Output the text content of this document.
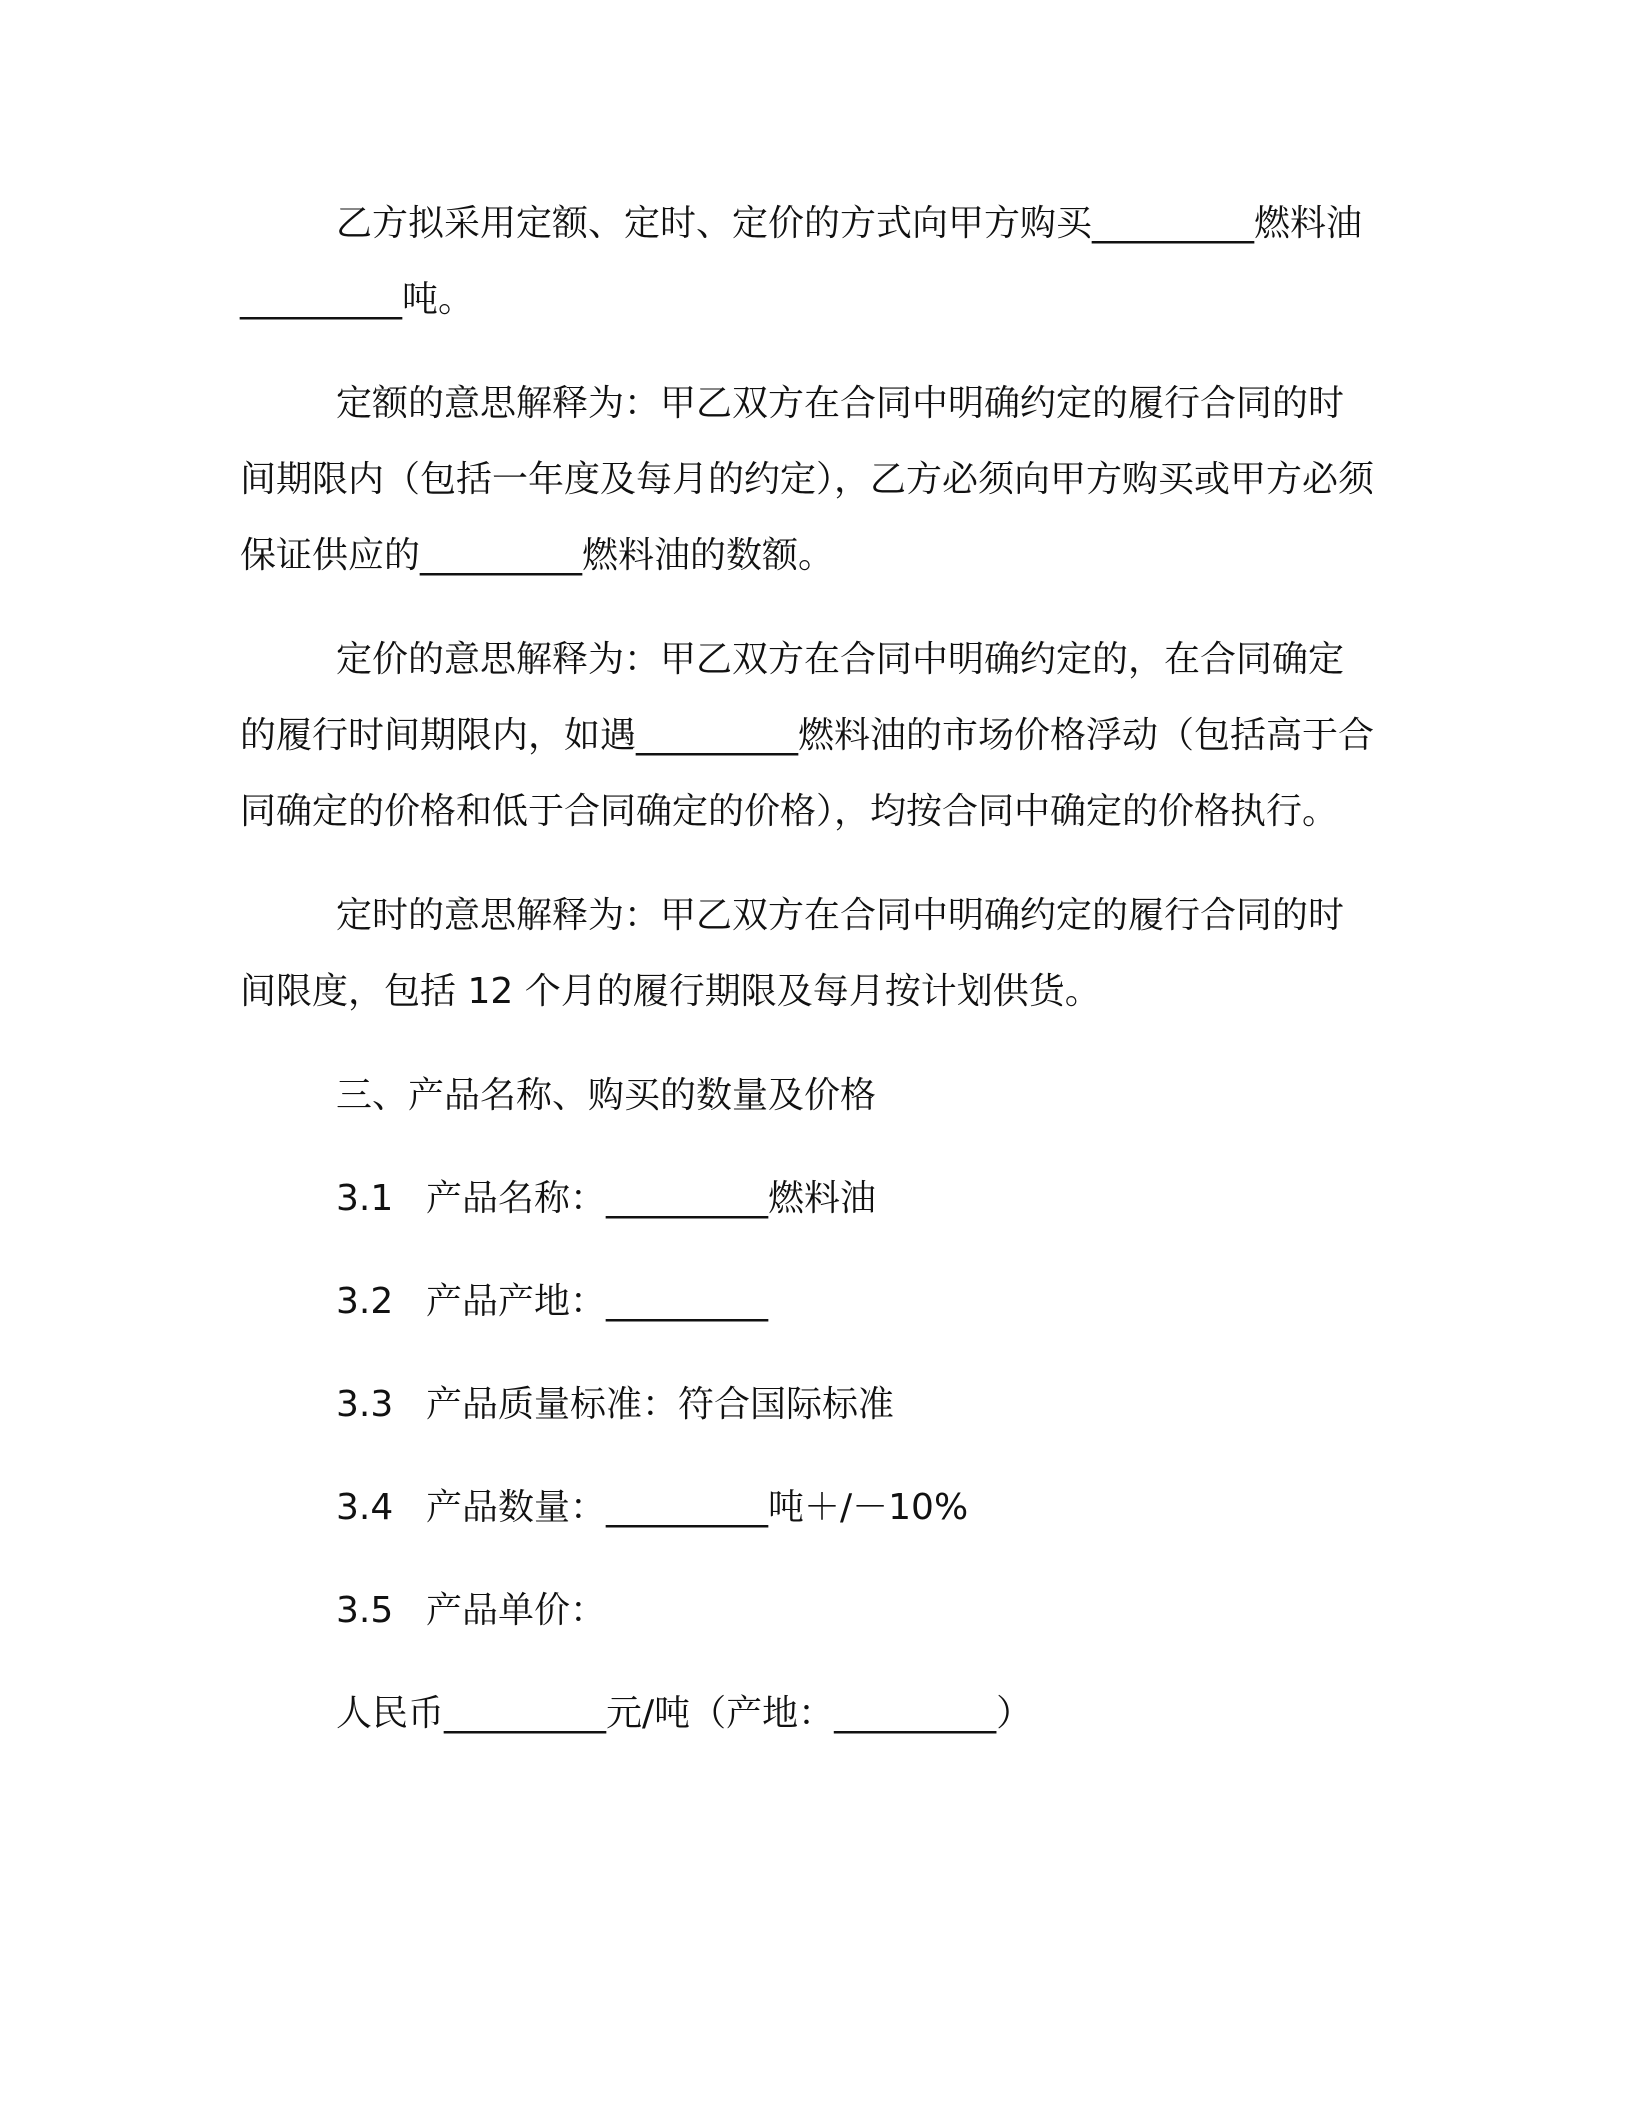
乙方拟采用定额、定时、定价的方式向甲方购买_________燃料油_________吨。

定额的意思解释为：甲乙双方在合同中明确约定的履行合同的时间期限内（包括一年度及每月的约定），乙方必须向甲方购买或甲方必须保证供应的_________燃料油的数额。

定价的意思解释为：甲乙双方在合同中明确约定的，在合同确定的履行时间期限内，如遇_________燃料油的市场价格浮动（包括高于合同确定的价格和低于合同确定的价格），均按合同中确定的价格执行。

定时的意思解释为：甲乙双方在合同中明确约定的履行合同的时间限度，包括 12 个月的履行期限及每月按计划供货。

三、产品名称、购买的数量及价格

3.1 产品名称：_________燃料油

3.2 产品产地：_________

3.3 产品质量标准：符合国际标准

3.4 产品数量：_________吨＋/－10%

3.5 产品单价：

人民币_________元/吨（产地：_________）
